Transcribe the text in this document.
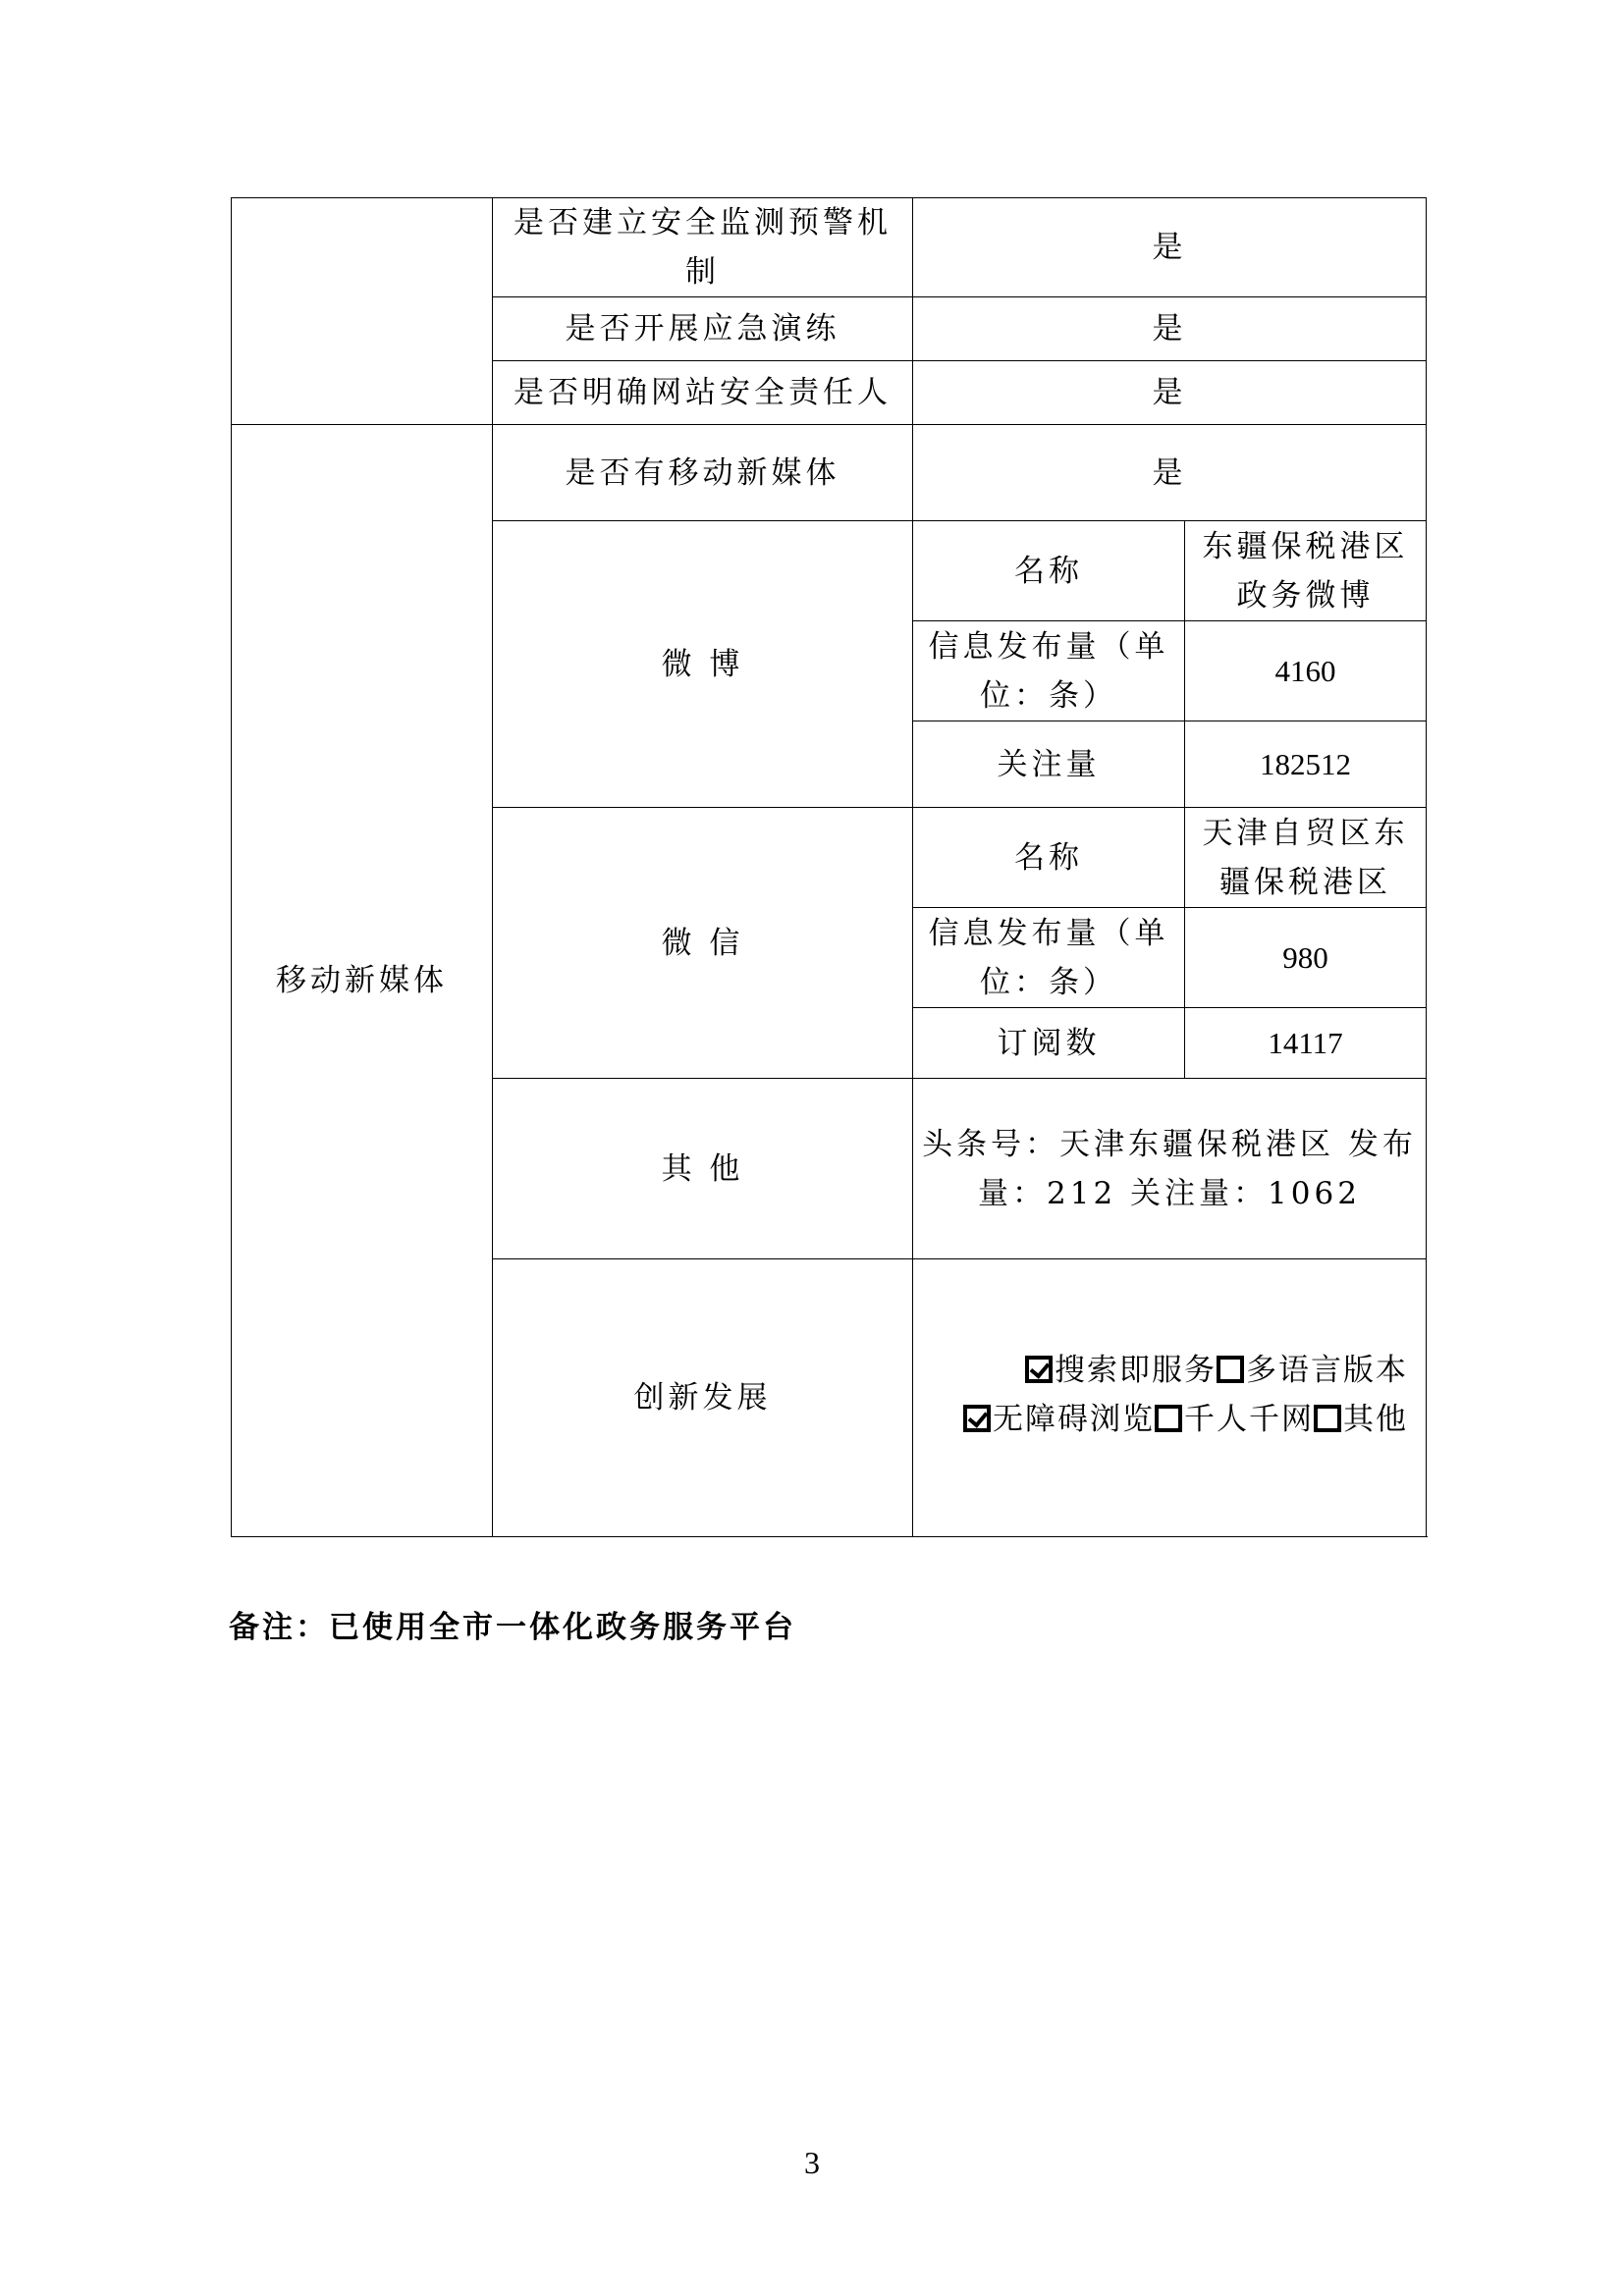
	是否建立安全监测预警机制	是	
	是否开展应急演练	是	
	是否明确网站安全责任人	是	
移动新媒体	是否有移动新媒体	是	
	微 博	名称	东疆保税港区政务微博
		信息发布量（单位：条）	4160
		关注量	182512
	微 信	名称	天津自贸区东疆保税港区
		信息发布量（单位：条）	980
		订阅数	14117
	其 他	头条号：天津东疆保税港区 发布量：212 关注量：1062	
	创新发展	搜索即服务 多语言版本无障碍浏览 千人千网 其他	
备注：已使用全市一体化政务服务平台
3
